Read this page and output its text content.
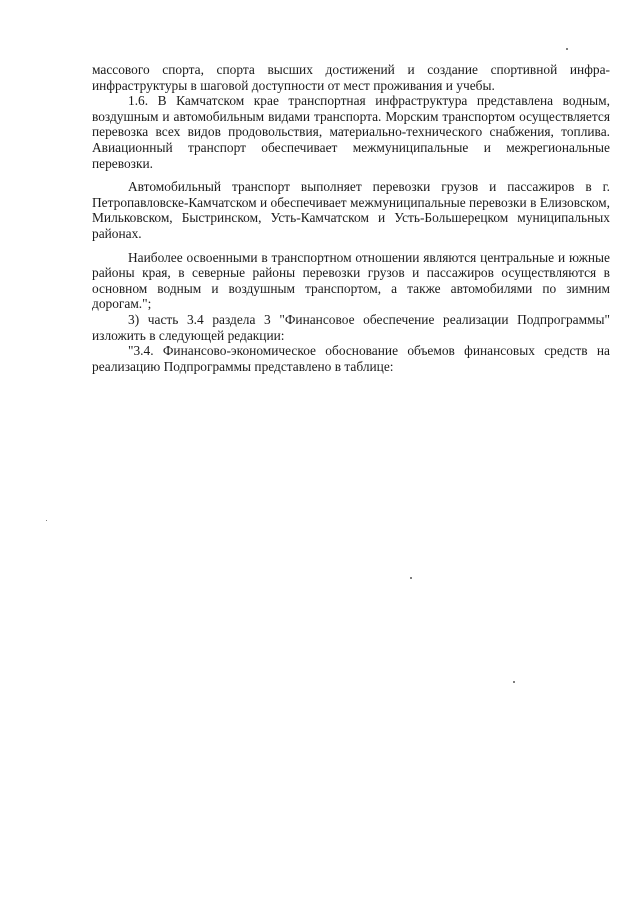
массового спорта, спорта высших достижений и создание спортивной инфра-инфраструктуры в шаговой доступности от мест проживания и учебы.

1.6. В Камчатском крае транспортная инфраструктура представлена водным, воздушным и автомобильным видами транспорта. Морским транспортом осуществляется перевозка всех видов продовольствия, материально-технического снабжения, топлива. Авиационный транспорт обеспечивает межмуниципальные и межрегиональные перевозки.

Автомобильный транспорт выполняет перевозки грузов и пассажиров в г. Петропавловске-Камчатском и обеспечивает межмуниципальные перевозки в Елизовском, Мильковском, Быстринском, Усть-Камчатском и Усть-Большерецком муниципальных районах.

Наиболее освоенными в транспортном отношении являются центральные и южные районы края, в северные районы перевозки грузов и пассажиров осуществляются в основном водным и воздушным транспортом, а также автомобилями по зимним дорогам.";

3) часть 3.4 раздела 3 "Финансовое обеспечение реализации Подпрограммы" изложить в следующей редакции:

"3.4. Финансово-экономическое обоснование объемов финансовых средств на реализацию Подпрограммы представлено в таблице:
